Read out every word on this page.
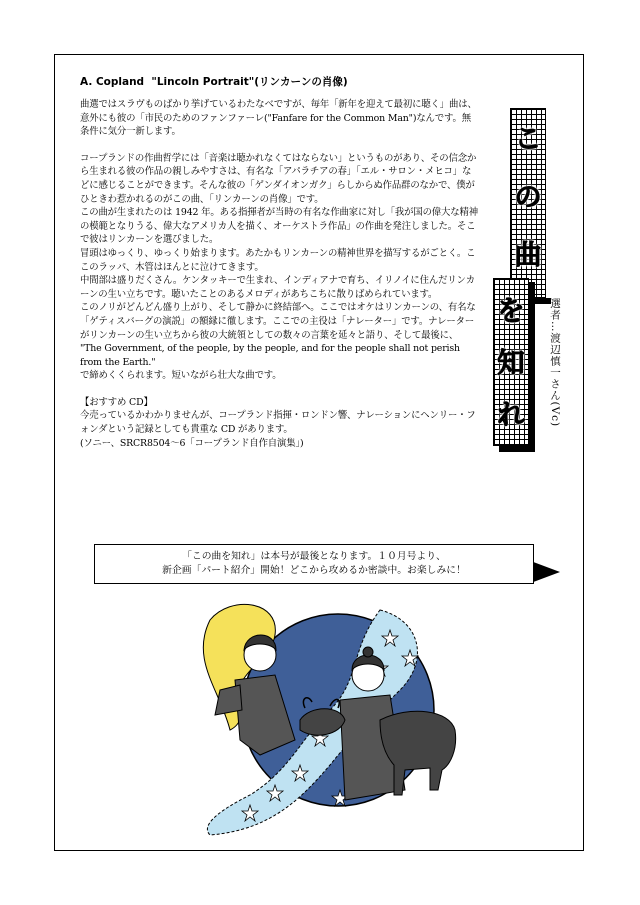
A. Copland  "Lincoln Portrait"(リンカーンの肖像)

曲選ではスラヴものばかり挙げているわたなべですが、毎年「新年を迎えて最初に聴く」曲は、意外にも彼の「市民のためのファンファーレ("Fanfare for the Common Man")なんです。無条件に気分一新します。

コープランドの作曲哲学には「音楽は聴かれなくてはならない」というものがあり、その信念から生まれる彼の作品の親しみやすさは、有名な「アパラチアの春」「エル・サロン・メヒコ」などに感じることができます。そんな彼の「ゲンダイオンガク」らしからぬ作品群のなかで、僕がひときわ惹かれるのがこの曲、「リンカーンの肖像」です。

この曲が生まれたのは 1942 年。ある指揮者が当時の有名な作曲家に対し「我が国の偉大な精神の模範となりうる、偉大なアメリカ人を描く、オーケストラ作品」の作曲を発注しました。そこで彼はリンカーンを選びました。

冒頭はゆっくり、ゆっくり始まります。あたかもリンカーンの精神世界を描写するがごとく。ここのラッパ、木管はほんとに泣けてきます。

中間部は盛りだくさん。ケンタッキーで生まれ、インディアナで育ち、イリノイに住んだリンカーンの生い立ちです。聴いたことのあるメロディがあちこちに散りばめられています。

このノリがどんどん盛り上がり、そして静かに終結部へ。ここではオケはリンカーンの、有名な「ゲティスバーグの演説」の額縁に徹します。ここでの主役は「ナレーター」です。ナレーターがリンカーンの生い立ちから彼の大統領としての数々の言葉を延々と語り、そして最後に、

"The Government, of the people, by the people, and for the people shall not perish from the Earth."

で締めくくられます。短いながら壮大な曲です。

【おすすめ CD】

今売っているかわかりませんが、コープランド指揮・ロンドン響、ナレーションにヘンリー・フォンダという記録としても貴重な CD があります。

(ソニー、SRCR8504〜6「コープランド自作自演集」)

こ
の
曲
を
知
れ 選者…渡辺慎一さん(Vc)
「この曲を知れ」は本号が最後となります。１０月号より、
新企画「パート紹介」開始！どこから攻めるか密談中。お楽しみに！
